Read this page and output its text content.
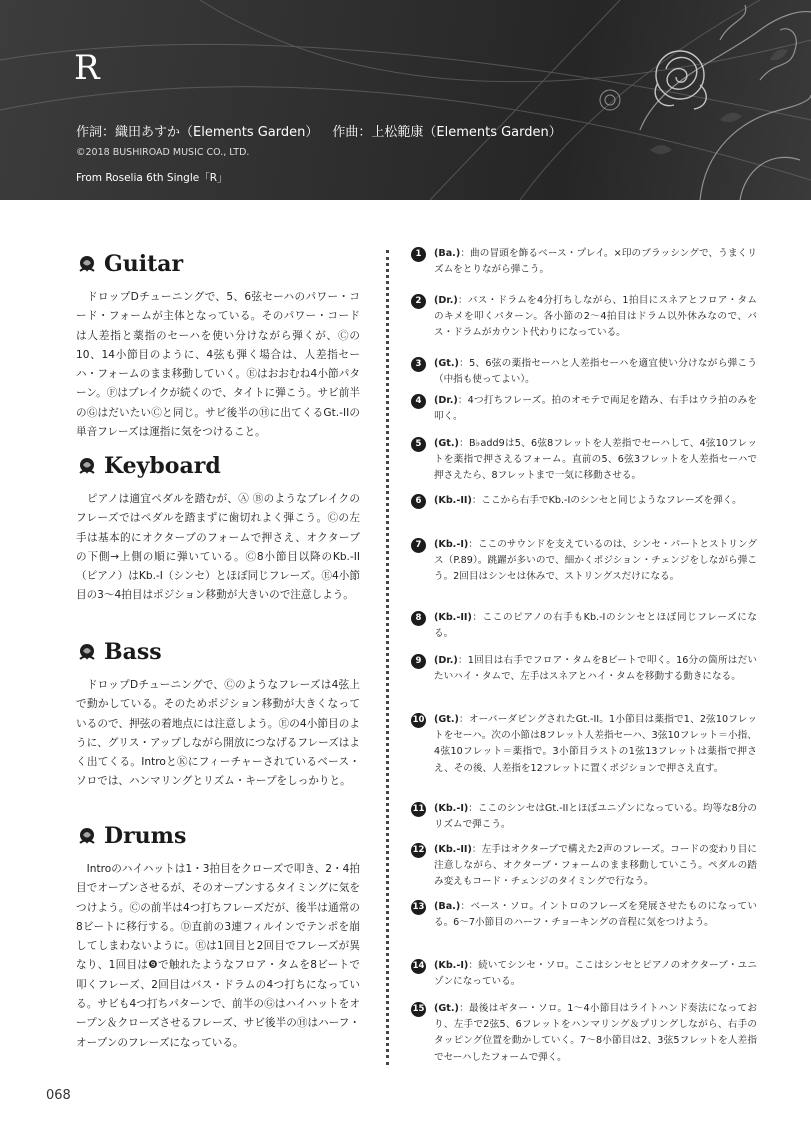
R
作詞：織田あすか（Elements Garden） 作曲：上松範康（Elements Garden）
©2018 BUSHIROAD MUSIC CO., LTD.
From Roselia 6th Single「R」
Guitar

　ドロップDチューニングで、5、6弦セーハのパワー・コード・フォームが主体となっている。そのパワー・コードは人差指と薬指のセーハを使い分けながら弾くが、Ⓒの10、14小節目のように、4弦も弾く場合は、人差指セーハ・フォームのまま移動していく。Ⓔはおおむね4小節パターン。Ⓕはブレイクが続くので、タイトに弾こう。サビ前半のⒼはだいたいⒸと同じ。サビ後半のⒽに出てくるGt.-IIの単音フレーズは運指に気をつけること。

Keyboard

　ピアノは適宜ペダルを踏むが、Ⓐ Ⓑのようなブレイクのフレーズではペダルを踏まずに歯切れよく弾こう。Ⓒの左手は基本的にオクターブのフォームで押さえ、オクターブの下側→上側の順に弾いている。Ⓒ8小節目以降のKb.-II（ピアノ）はKb.-I（シンセ）とほぼ同じフレーズ。Ⓔ4小節目の3〜4拍目はポジション移動が大きいので注意しよう。

Bass

　ドロップDチューニングで、Ⓒのようなフレーズは4弦上で動かしている。そのためポジション移動が大きくなっているので、押弦の着地点には注意しよう。Ⓔの4小節目のように、グリス・アップしながら開放につなげるフレーズはよく出てくる。IntroとⓀにフィーチャーされているベース・ソロでは、ハンマリングとリズム・キープをしっかりと。

Drums

　Introのハイハットは1・3拍目をクローズで叩き、2・4拍目でオープンさせるが、そのオープンするタイミングに気をつけよう。Ⓒの前半は4つ打ちフレーズだが、後半は通常の8ビートに移行する。Ⓓ直前の3連フィルインでテンポを崩してしまわないように。Ⓔは1回目と2回目でフレーズが異なり、1回目は❾で触れたようなフロア・タムを8ビートで叩くフレーズ、2回目はバス・ドラムの4つ打ちになっている。サビも4つ打ちパターンで、前半のⒼはハイハットをオープン＆クローズさせるフレーズ、サビ後半のⒽはハーフ・オープンのフレーズになっている。

1	(Ba.)：曲の冒頭を飾るベース・プレイ。×印のブラッシングで、うまくリズムをとりながら弾こう。
2	(Dr.)：バス・ドラムを4分打ちしながら、1拍目にスネアとフロア・タムのキメを叩くパターン。各小節の2〜4拍目はドラム以外休みなので、バス・ドラムがカウント代わりになっている。
3	(Gt.)：5、6弦の薬指セーハと人差指セーハを適宜使い分けながら弾こう（中指も使ってよい）。
4	(Dr.)：4つ打ちフレーズ。拍のオモテで両足を踏み、右手はウラ拍のみを叩く。
5	(Gt.)：B♭add9は5、6弦8フレットを人差指でセーハして、4弦10フレットを薬指で押さえるフォーム。直前の5、6弦3フレットを人差指セーハで押さえたら、8フレットまで一気に移動させる。
6	(Kb.-II)：ここから右手でKb.-Iのシンセと同じようなフレーズを弾く。
7	(Kb.-I)：ここのサウンドを支えているのは、シンセ・パートとストリングス（P.89）。跳躍が多いので、細かくポジション・チェンジをしながら弾こう。2回目はシンセは休みで、ストリングスだけになる。
8	(Kb.-II)：ここのピアノの右手もKb.-Iのシンセとほぼ同じフレーズになる。
9	(Dr.)：1回目は右手でフロア・タムを8ビートで叩く。16分の箇所はだいたいハイ・タムで、左手はスネアとハイ・タムを移動する動きになる。
10 (Gt.)：オーバーダビングされたGt.-II。1小節目は薬指で1、2弦10フレットをセーハ。次の小節は8フレット人差指セーハ、3弦10フレット＝小指、4弦10フレット＝薬指で。3小節目ラストの1弦13フレットは薬指で押さえ、その後、人差指を12フレットに置くポジションで押さえ直す。
11 (Kb.-I)：ここのシンセはGt.-IIとほぼユニゾンになっている。均等な8分のリズムで弾こう。
12 (Kb.-II)：左手はオクターブで構えた2声のフレーズ。コードの変わり目に注意しながら、オクターブ・フォームのまま移動していこう。ペダルの踏み変えもコード・チェンジのタイミングで行なう。
13 (Ba.)：ベース・ソロ。イントロのフレーズを発展させたものになっている。6〜7小節目のハーフ・チョーキングの音程に気をつけよう。
14 (Kb.-I)：続いてシンセ・ソロ。ここはシンセとピアノのオクターブ・ユニゾンになっている。
15 (Gt.)：最後はギター・ソロ。1〜4小節目はライトハンド奏法になっており、左手で2弦5、6フレットをハンマリング＆プリングしながら、右手のタッピング位置を動かしていく。7〜8小節目は2、3弦5フレットを人差指でセーハしたフォームで弾く。
068
